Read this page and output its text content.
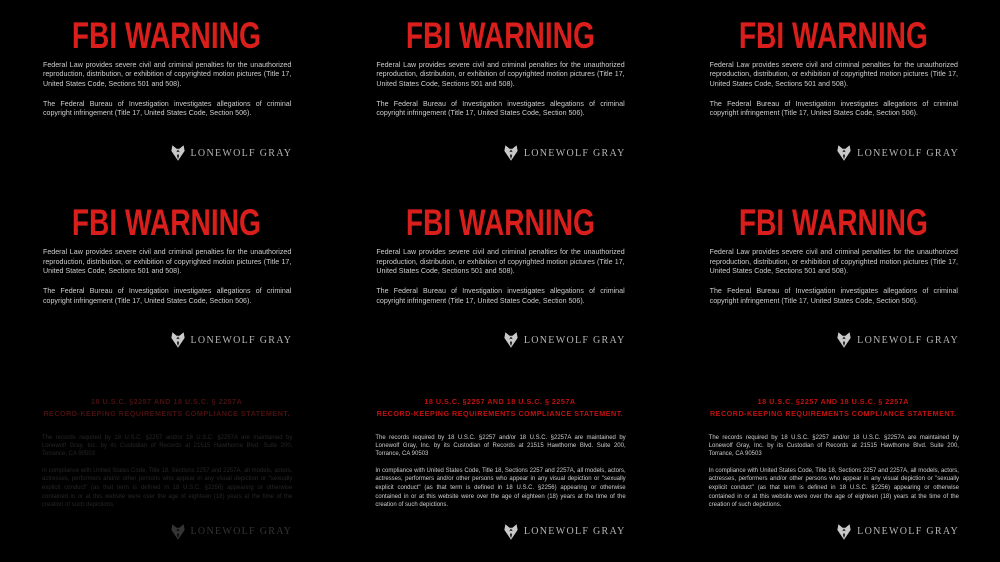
FBI WARNING

Federal Law provides severe civil and criminal penalties for the unauthorized reproduction, distribution, or exhibition of copyrighted motion pictures (Title 17, United States Code, Sections 501 and 508).

The Federal Bureau of Investigation investigates allegations of criminal copyright infringement (Title 17, United States Code, Section 506).

LONEWOLF GRAY
FBI WARNING

Federal Law provides severe civil and criminal penalties for the unauthorized reproduction, distribution, or exhibition of copyrighted motion pictures (Title 17, United States Code, Sections 501 and 508).

The Federal Bureau of Investigation investigates allegations of criminal copyright infringement (Title 17, United States Code, Section 506).

LONEWOLF GRAY
FBI WARNING

Federal Law provides severe civil and criminal penalties for the unauthorized reproduction, distribution, or exhibition of copyrighted motion pictures (Title 17, United States Code, Sections 501 and 508).

The Federal Bureau of Investigation investigates allegations of criminal copyright infringement (Title 17, United States Code, Section 506).

LONEWOLF GRAY
FBI WARNING

Federal Law provides severe civil and criminal penalties for the unauthorized reproduction, distribution, or exhibition of copyrighted motion pictures (Title 17, United States Code, Sections 501 and 508).

The Federal Bureau of Investigation investigates allegations of criminal copyright infringement (Title 17, United States Code, Section 506).

LONEWOLF GRAY
FBI WARNING

Federal Law provides severe civil and criminal penalties for the unauthorized reproduction, distribution, or exhibition of copyrighted motion pictures (Title 17, United States Code, Sections 501 and 508).

The Federal Bureau of Investigation investigates allegations of criminal copyright infringement (Title 17, United States Code, Section 506).

LONEWOLF GRAY
FBI WARNING

Federal Law provides severe civil and criminal penalties for the unauthorized reproduction, distribution, or exhibition of copyrighted motion pictures (Title 17, United States Code, Sections 501 and 508).

The Federal Bureau of Investigation investigates allegations of criminal copyright infringement (Title 17, United States Code, Section 506).

LONEWOLF GRAY
18 U.S.C. §2257 AND 18 U.S.C. § 2257A
RECORD-KEEPING REQUIREMENTS COMPLIANCE STATEMENT.

The records required by 18 U.S.C. §2257 and/or 18 U.S.C. §2257A are maintained by Lonewolf Gray, Inc. by its Custodian of Records at 21515 Hawthorne Blvd. Suite 200, Torrance, CA 90503

In compliance with United States Code, Title 18, Sections 2257 and 2257A, all models, actors, actresses, performers and/or other persons who appear in any visual depiction or "sexually explicit conduct" (as that term is defined in 18 U.S.C. §2256) appearing or otherwise contained in or at this website were over the age of eighteen (18) years at the time of the creation of such depictions.

LONEWOLF GRAY
18 U.S.C. §2257 AND 18 U.S.C. § 2257A
RECORD-KEEPING REQUIREMENTS COMPLIANCE STATEMENT.

The records required by 18 U.S.C. §2257 and/or 18 U.S.C. §2257A are maintained by Lonewolf Gray, Inc. by its Custodian of Records at 21515 Hawthorne Blvd. Suite 200, Torrance, CA 90503

In compliance with United States Code, Title 18, Sections 2257 and 2257A, all models, actors, actresses, performers and/or other persons who appear in any visual depiction or "sexually explicit conduct" (as that term is defined in 18 U.S.C. §2256) appearing or otherwise contained in or at this website were over the age of eighteen (18) years at the time of the creation of such depictions.

LONEWOLF GRAY
18 U.S.C. §2257 AND 18 U.S.C. § 2257A
RECORD-KEEPING REQUIREMENTS COMPLIANCE STATEMENT.

The records required by 18 U.S.C. §2257 and/or 18 U.S.C. §2257A are maintained by Lonewolf Gray, Inc. by its Custodian of Records at 21515 Hawthorne Blvd. Suite 200, Torrance, CA 90503

In compliance with United States Code, Title 18, Sections 2257 and 2257A, all models, actors, actresses, performers and/or other persons who appear in any visual depiction or "sexually explicit conduct" (as that term is defined in 18 U.S.C. §2256) appearing or otherwise contained in or at this website were over the age of eighteen (18) years at the time of the creation of such depictions.

LONEWOLF GRAY
